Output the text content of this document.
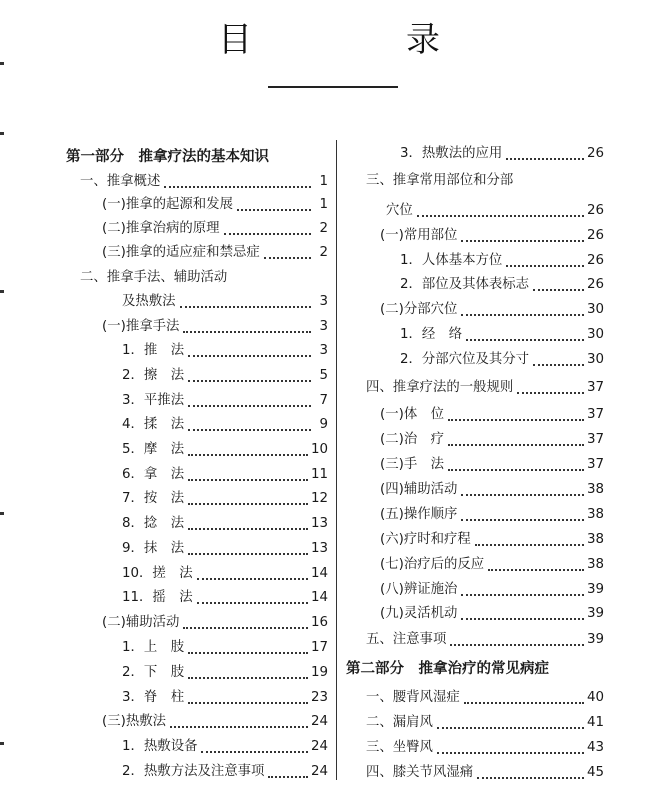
目　录
第一部分　推拿疗法的基本知识
一、推拿概述	1
(一)推拿的起源和发展	1
(二)推拿治病的原理	2
(三)推拿的适应症和禁忌症	2
二、推拿手法、辅助活动
及热敷法	3
(一)推拿手法	3
1．推　法	3
2．擦　法	5
3．平推法	7
4．揉　法	9
5．摩　法	10
6．拿　法	11
7．按　法	12
8．捻　法	13
9．抹　法	13
10．搓　法	14
11．摇　法	14
(二)辅助活动	16
1．上　肢	17
2．下　肢	19
3．脊　柱	23
(三)热敷法	24
1．热敷设备	24
2．热敷方法及注意事项	24
3．热敷法的应用	26
三、推拿常用部位和分部
穴位	26
(一)常用部位	26
1．人体基本方位	26
2．部位及其体表标志	26
(二)分部穴位	30
1．经　络	30
2．分部穴位及其分寸	30
四、推拿疗法的一般规则	37
(一)体　位	37
(二)治　疗	37
(三)手　法	37
(四)辅助活动	38
(五)操作顺序	38
(六)疗时和疗程	38
(七)治疗后的反应	38
(八)辨证施治	39
(九)灵活机动	39
五、注意事项	39
第二部分　推拿治疗的常见病症
一、腰背风湿症	40
二、漏肩风	41
三、坐臀风	43
四、膝关节风湿痛	45
